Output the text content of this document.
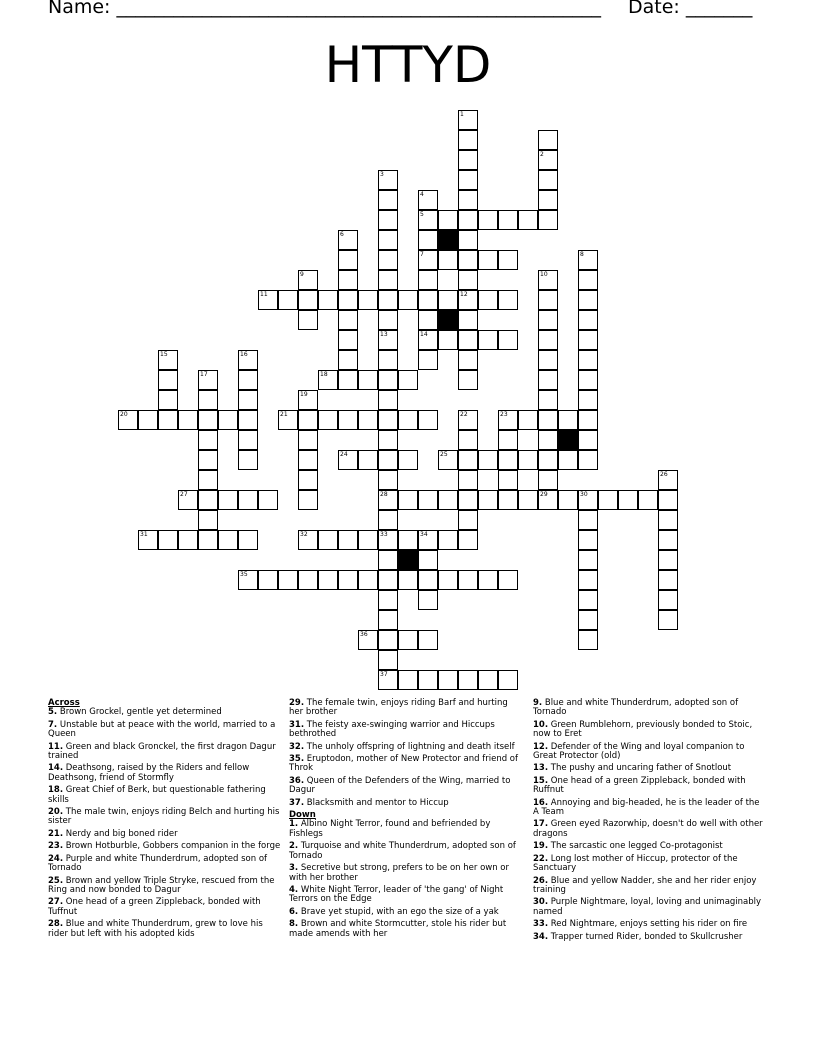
Name: ___________________________________________________ Date: _______
HTTYD
1
2
3
4
5
6
7	8
9	10
11	12
13	14
15	16
17	18
19
20	21	22	23
24	25
26
27	28	29	30
31	32	33	34
35
36
37
Across
5. Brown Grockel, gentle yet determined
7. Unstable but at peace with the world, married to a Queen
11. Green and black Gronckel, the first dragon Dagur trained
14. Deathsong, raised by the Riders and fellow Deathsong, friend of Stormfly
18. Great Chief of Berk, but questionable fathering skills
20. The male twin, enjoys riding Belch and hurting his sister
21. Nerdy and big boned rider
23. Brown Hotburble, Gobbers companion in the forge
24. Purple and white Thunderdrum, adopted son of Tornado
25. Brown and yellow Triple Stryke, rescued from the Ring and now bonded to Dagur
27. One head of a green Zippleback, bonded with Tuffnut
28. Blue and white Thunderdrum, grew to love his rider but left with his adopted kids
29. The female twin, enjoys riding Barf and hurting her brother
31. The feisty axe-swinging warrior and Hiccups bethrothed
32. The unholy offspring of lightning and death itself
35. Eruptodon, mother of New Protector and friend of Throk
36. Queen of the Defenders of the Wing, married to Dagur
37. Blacksmith and mentor to Hiccup
Down
1. Albino Night Terror, found and befriended by Fishlegs
2. Turquoise and white Thunderdrum, adopted son of Tornado
3. Secretive but strong, prefers to be on her own or with her brother
4. White Night Terror, leader of 'the gang' of Night Terrors on the Edge
6. Brave yet stupid, with an ego the size of a yak
8. Brown and white Stormcutter, stole his rider but made amends with her
9. Blue and white Thunderdrum, adopted son of Tornado
10. Green Rumblehorn, previously bonded to Stoic, now to Eret
12. Defender of the Wing and loyal companion to Great Protector (old)
13. The pushy and uncaring father of Snotlout
15. One head of a green Zippleback, bonded with Ruffnut
16. Annoying and big-headed, he is the leader of the A Team
17. Green eyed Razorwhip, doesn't do well with other dragons
19. The sarcastic one legged Co-protagonist
22. Long lost mother of Hiccup, protector of the Sanctuary
26. Blue and yellow Nadder, she and her rider enjoy training
30. Purple Nightmare, loyal, loving and unimaginably named
33. Red Nightmare, enjoys setting his rider on fire
34. Trapper turned Rider, bonded to Skullcrusher
